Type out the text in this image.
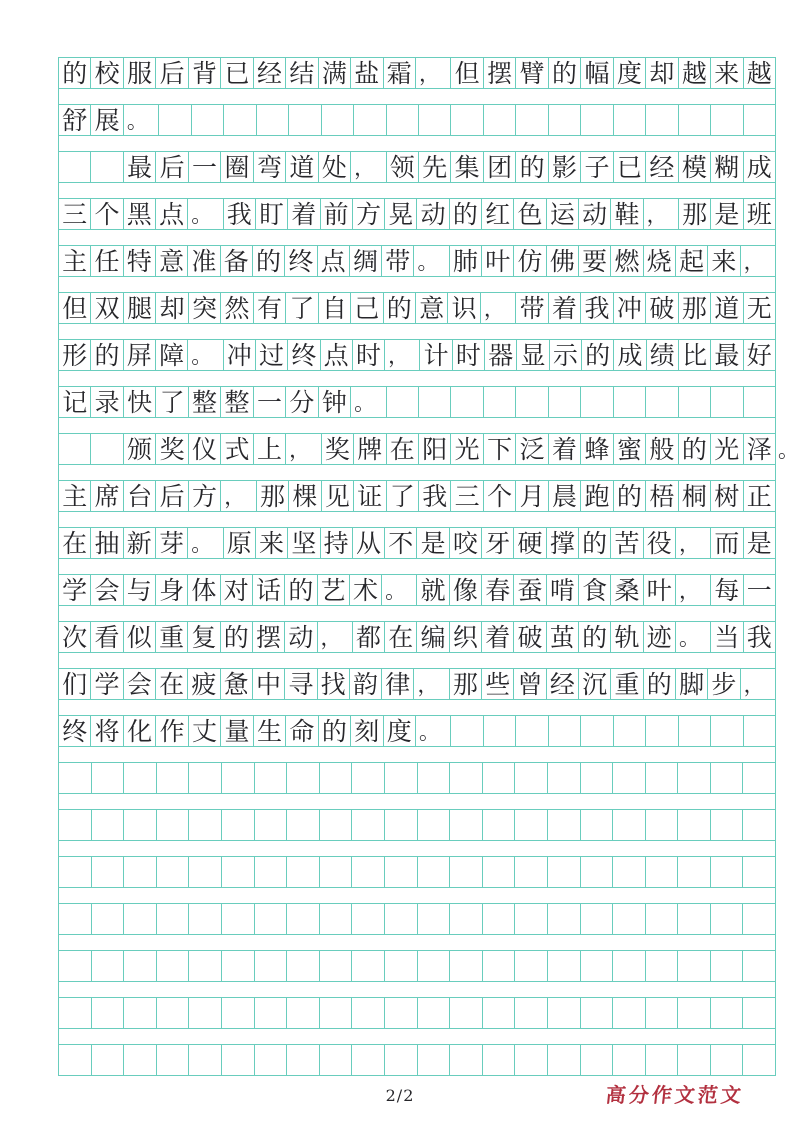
的 校 服 后 背 已 经 结 满 盐 霜 ， 但 摆 臂 的 幅 度 却 越 来 越
舒 展 。
最 后 一 圈 弯 道 处 ， 领 先 集 团 的 影 子 已 经 模 糊 成
三 个 黑 点 。 我 盯 着 前 方 晃 动 的 红 色 运 动 鞋 ， 那 是 班
主 任 特 意 准 备 的 终 点 绸 带 。 肺 叶 仿 佛 要 燃 烧 起 来 ，
但 双 腿 却 突 然 有 了 自 己 的 意 识 ， 带 着 我 冲 破 那 道 无
形 的 屏 障 。 冲 过 终 点 时 ， 计 时 器 显 示 的 成 绩 比 最 好
记 录 快 了 整 整 一 分 钟 。
颁 奖 仪 式 上 ， 奖 牌 在 阳 光 下 泛 着 蜂 蜜 般 的 光 泽 。
主 席 台 后 方 ， 那 棵 见 证 了 我 三 个 月 晨 跑 的 梧 桐 树 正
在 抽 新 芽 。 原 来 坚 持 从 不 是 咬 牙 硬 撑 的 苦 役 ， 而 是
学 会 与 身 体 对 话 的 艺 术 。 就 像 春 蚕 啃 食 桑 叶 ， 每 一
次 看 似 重 复 的 摆 动 ， 都 在 编 织 着 破 茧 的 轨 迹 。 当 我
们 学 会 在 疲 惫 中 寻 找 韵 律 ， 那 些 曾 经 沉 重 的 脚 步 ，
终 将 化 作 丈 量 生 命 的 刻 度 。
2/2	高分作文范文
